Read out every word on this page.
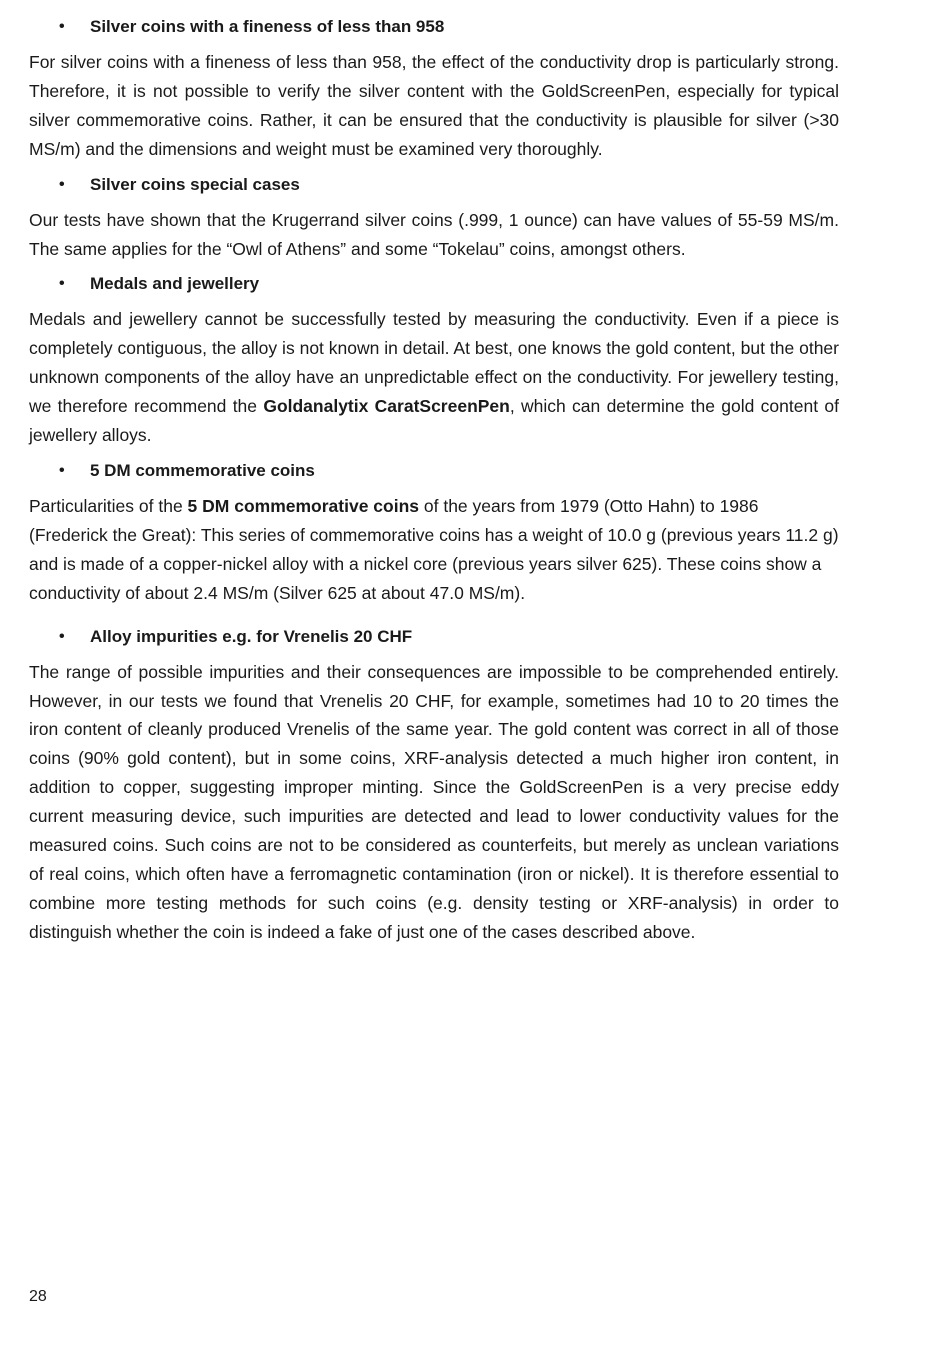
•	Silver coins with a fineness of less than 958

For silver coins with a fineness of less than 958, the effect of the conductivity drop is particularly strong. Therefore, it is not possible to verify the silver content with the GoldScreenPen, especially for typical silver commemorative coins. Rather, it can be ensured that the conductivity is plausible for silver (>30 MS/m) and the dimensions and weight must be examined very thoroughly.

•	Silver coins special cases

Our tests have shown that the Krugerrand silver coins (.999, 1 ounce) can have values of 55-59 MS/m. The same applies for the “Owl of Athens” and some “Tokelau” coins, amongst others.

•	Medals and jewellery

Medals and jewellery cannot be successfully tested by measuring the conductivity. Even if a piece is completely contiguous, the alloy is not known in detail. At best, one knows the gold content, but the other unknown components of the alloy have an unpredictable effect on the conductivity. For jewellery testing, we therefore recommend the Goldanalytix CaratScreenPen, which can determine the gold content of jewellery alloys.

•	5 DM commemorative coins

Particularities of the 5 DM commemorative coins of the years from 1979 (Otto Hahn) to 1986 (Frederick the Great): This series of commemorative coins has a weight of 10.0 g (previous years 11.2 g) and is made of a copper-nickel alloy with a nickel core (previous years silver 625). These coins show a conductivity of about 2.4 MS/m (Silver 625 at about 47.0 MS/m).

•	Alloy impurities e.g. for Vrenelis 20 CHF

The range of possible impurities and their consequences are impossible to be comprehended entirely. However, in our tests we found that Vrenelis 20 CHF, for example, sometimes had 10 to 20 times the iron content of cleanly produced Vrenelis of the same year. The gold content was correct in all of those coins (90% gold content), but in some coins, XRF-analysis detected a much higher iron content, in addition to copper, suggesting improper minting. Since the GoldScreenPen is a very precise eddy current measuring device, such impurities are detected and lead to lower conductivity values for the measured coins. Such coins are not to be considered as counterfeits, but merely as unclean variations of real coins, which often have a ferromagnetic contamination (iron or nickel). It is therefore essential to combine more testing methods for such coins (e.g. density testing or XRF-analysis) in order to distinguish whether the coin is indeed a fake of just one of the cases described above.

28
